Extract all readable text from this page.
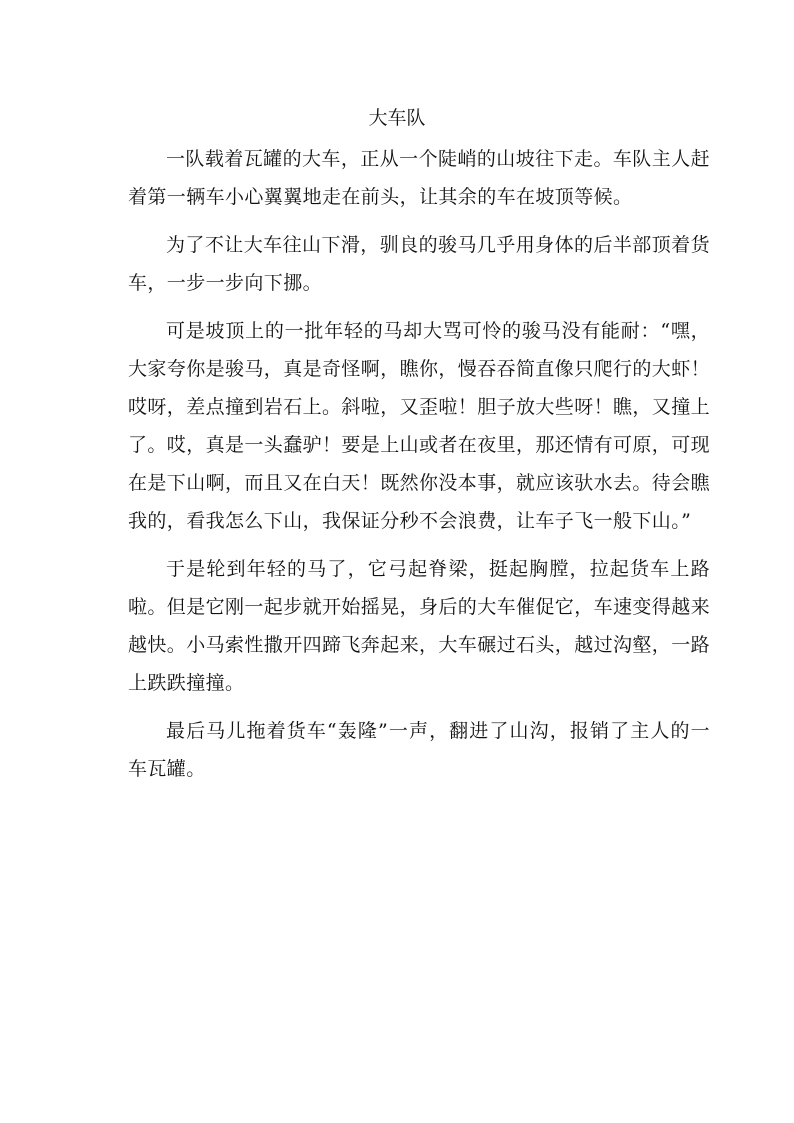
大车队

一队载着瓦罐的大车，正从一个陡峭的山坡往下走。车队主人赶着第一辆车小心翼翼地走在前头，让其余的车在坡顶等候。

为了不让大车往山下滑，驯良的骏马几乎用身体的后半部顶着货车，一步一步向下挪。

可是坡顶上的一批年轻的马却大骂可怜的骏马没有能耐：“嘿，大家夸你是骏马，真是奇怪啊，瞧你，慢吞吞简直像只爬行的大虾！哎呀，差点撞到岩石上。斜啦，又歪啦！胆子放大些呀！瞧，又撞上了。哎，真是一头蠢驴！要是上山或者在夜里，那还情有可原，可现在是下山啊，而且又在白天！既然你没本事，就应该驮水去。待会瞧我的，看我怎么下山，我保证分秒不会浪费，让车子飞一般下山。”

于是轮到年轻的马了，它弓起脊梁，挺起胸膛，拉起货车上路啦。但是它刚一起步就开始摇晃，身后的大车催促它，车速变得越来越快。小马索性撒开四蹄飞奔起来，大车碾过石头，越过沟壑，一路上跌跌撞撞。

最后马儿拖着货车“轰隆”一声，翻进了山沟，报销了主人的一车瓦罐。
